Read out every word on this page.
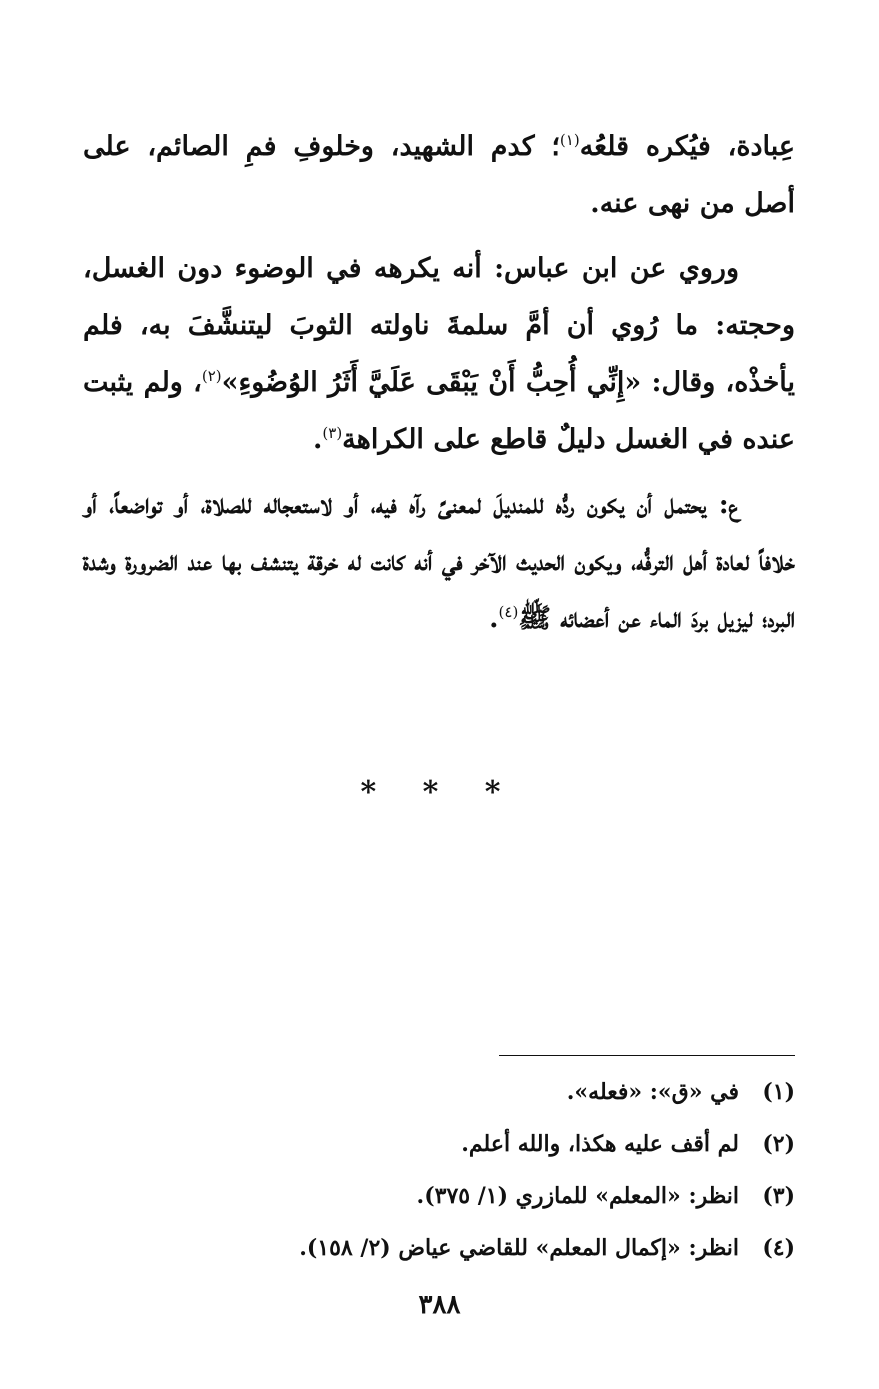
عِبادة، فيُكره قلعُه$^{(١)}$؛ كدم الشهيد، وخلوفِ فمِ الصائم، على أصل من نهى عنه.

وروي عن ابن عباس: أنه يكرهه في الوضوء دون الغسل، وحجته: ما رُوي أن أمَّ سلمةَ ناولته الثوبَ ليتنشَّفَ به، فلم يأخذْه، وقال: «إِنِّي أُحِبُّ أَنْ يَبْقَى عَلَيَّ أَثَرُ الوُضُوءِ»$^{(٢)}$، ولم يثبت عنده في الغسل دليلٌ قاطع على الكراهة$^{(٣)}$.

ع: يحتمل أن يكون ردُّه للمنديلَ لمعنىً رآه فيه، أو لاستعجاله للصلاة، أو تواضعاً، أو خلافاً لعادة أهل الترفُّه، ويكون الحديث الآخر في أنه كانت له خرقة يتنشف بها عند الضرورة وشدة البرد؛ ليزيل بردَ الماء عن أعضائه ﷺ$^{(٤)}$.

* * *
(١)
في «ق»: «فعله».
(٢)
لم أقف عليه هكذا، والله أعلم.
(٣)
انظر: «المعلم» للمازري (١/ ٣٧٥).
(٤)
انظر: «إكمال المعلم» للقاضي عياض (٢/ ١٥٨).
٣٨٨
